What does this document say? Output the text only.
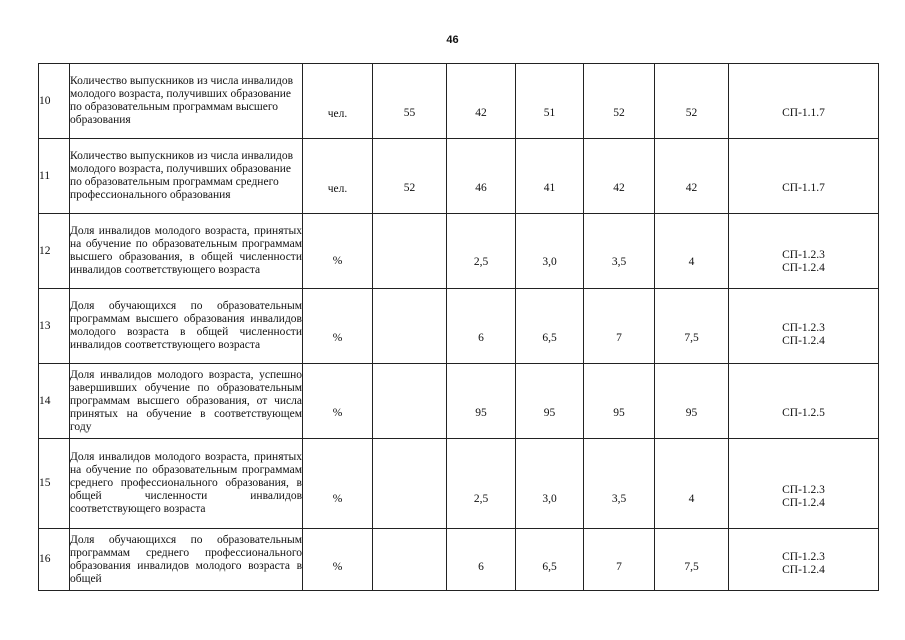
46
10	Количество выпускников из числа инвалидов молодого возраста, получивших образование по образовательным программам высшего образования	чел.	55	42	51	52	52	СП-1.1.7

11	Количество выпускников из числа инвалидов молодого возраста, получивших образование по образовательным программам среднего профессионального образования	чел.	52	46	41	42	42	СП-1.1.7

12	Доля инвалидов молодого возраста, принятых на обучение по образовательным программам высшего образования, в общей численности инвалидов соответствующего возраста	%		2,5	3,0	3,5	4	СП-1.2.3
СП-1.2.4

13	Доля обучающихся по образовательным программам высшего образования инвалидов молодого возраста в общей численности инвалидов соответствующего возраста	%		6	6,5	7	7,5	СП-1.2.3
СП-1.2.4

14	Доля инвалидов молодого возраста, успешно завершивших обучение по образовательным программам высшего образования, от числа принятых на обучение в соответствующем году	%		95	95	95	95	СП-1.2.5

15	Доля инвалидов молодого возраста, принятых на обучение по образовательным программам среднего профессионального образования, в общей численности инвалидов соответствующего возраста	%		2,5	3,0	3,5	4	СП-1.2.3
СП-1.2.4

16	Доля обучающихся по образовательным программам среднего профессионального образования инвалидов молодого возраста в общей	%		6	6,5	7	7,5	СП-1.2.3
СП-1.2.4
